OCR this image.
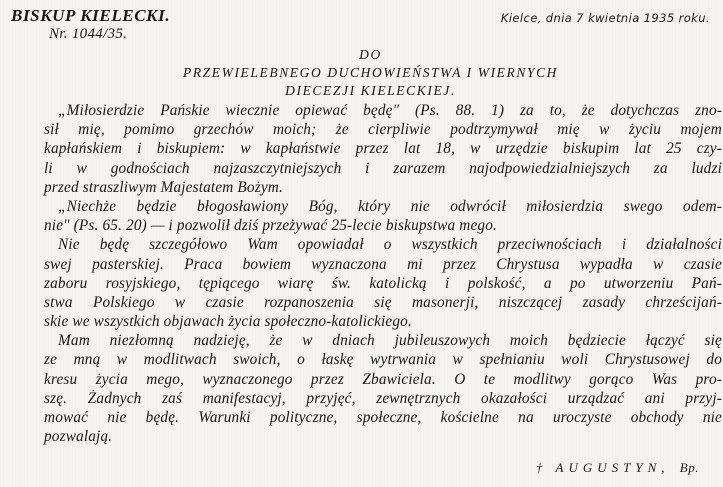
BISKUP KIELECKI.
Nr. 1044/35.
Kielce, dnia 7 kwietnia 1935 roku.
DO
PRZEWIELEBNEGO DUCHOWIEŃSTWA I WIERNYCH
DIECEZJI KIELECKIEJ.
„Miłosierdzie Pańskie wiecznie opiewać będę" (Ps. 88. 1) za to, że dotychczas zno-
sił mię, pomimo grzechów moich; że cierpliwie podtrzymywał mię w życiu mojem
kapłańskiem i biskupiem: w kapłaństwie przez lat 18, w urzędzie biskupim lat 25 czy-
li w godnościach najzaszczytniejszych i zarazem najodpowiedzialniejszych za ludzi
przed straszliwym Majestatem Bożym.
„Niechże będzie błogosławiony Bóg, który nie odwrócił miłosierdzia swego odem-
nie" (Ps. 65. 20) — i pozwolił dziś przeżywać 25-lecie biskupstwa mego.
Nie będę szczegółowo Wam opowiadał o wszystkich przeciwnościach i działalności
swej pasterskiej. Praca bowiem wyznaczona mi przez Chrystusa wypadła w czasie
zaboru rosyjskiego, tępiącego wiarę św. katolicką i polskość, a po utworzeniu Pań-
stwa Polskiego w czasie rozpanoszenia się masonerji, niszczącej zasady chrześcijań-
skie we wszystkich objawach życia społeczno-katolickiego.
Mam niezłomną nadzieję, że w dniach jubileuszowych moich będziecie łączyć się
ze mną w modlitwach swoich, o łaskę wytrwania w spełnianiu woli Chrystusowej do
kresu życia mego, wyznaczonego przez Zbawiciela. O te modlitwy gorąco Was pro-
szę. Żadnych zaś manifestacyj, przyjęć, zewnętrznych okazałości urządzać ani przyj-
mować nie będę. Warunki polityczne, społeczne, kościelne na uroczyste obchody nie
pozwalają.
† AUGUSTYN, Bp.
